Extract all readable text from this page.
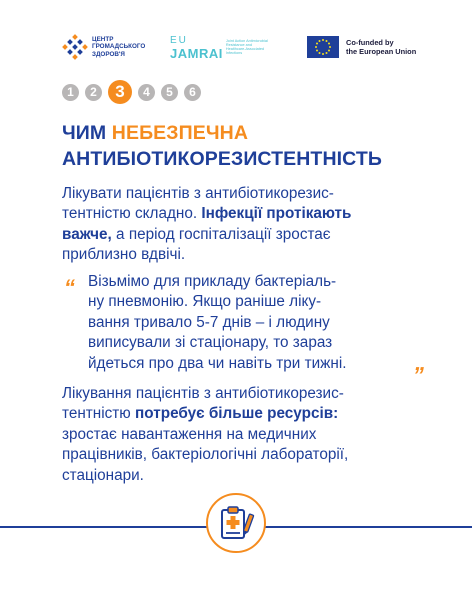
ЦЕНТР
ГРОМАДСЬКОГО
ЗДОРОВ'Я
EU
JAMRAI
Joint Action Antimicrobial Resistance and Healthcare-Associated Infections
Co-funded by
the European Union
1	2	3	4	5	6
ЧИМ НЕБЕЗПЕЧНА
АНТИБІОТИКОРЕЗИСТЕНТНІСТЬ
Лікувати пацієнтів з антибіотикорезис-
тентністю складно. Інфекції протікають
важче, а період госпіталізації зростає
приблизно вдвічі.
“ Візьмімо для прикладу бактеріаль-
ну пневмонію. Якщо раніше ліку-
вання тривало 5-7 днів – і людину
виписували зі стаціонару, то зараз
йдеться про два чи навіть три тижні.	„
Лікування пацієнтів з антибіотикорезис-
тентністю потребує більше ресурсів:
зростає навантаження на медичних
працівників, бактеріологічні лабораторії,
стаціонари.
